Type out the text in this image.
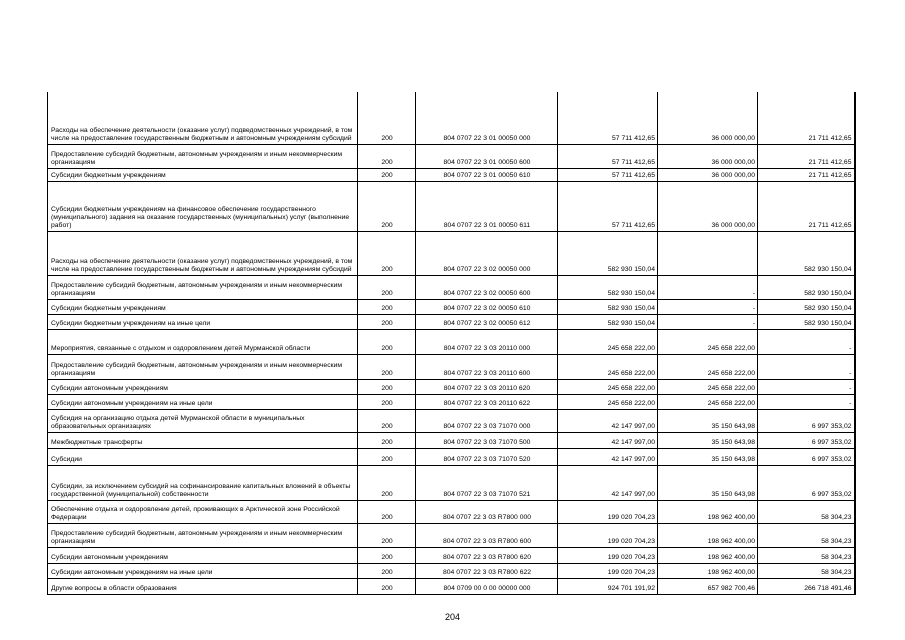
Расходы на обеспечение деятельности (оказание услуг) подведомственных учреждений, в том числе на предоставление государственным бюджетным и автономным учреждениям субсидий	200	804 0707 22 3 01 00050 000	57 711 412,65	36 000 000,00	21 711 412,65
Предоставление субсидий бюджетным, автономным учреждениям и иным некоммерческим организациям	200	804 0707 22 3 01 00050 600	57 711 412,65	36 000 000,00	21 711 412,65
Субсидии бюджетным учреждениям	200	804 0707 22 3 01 00050 610	57 711 412,65	36 000 000,00	21 711 412,65
Субсидии бюджетным учреждениям на финансовое обеспечение государственного (муниципального) задания на оказание государственных (муниципальных) услуг (выполнение работ)	200	804 0707 22 3 01 00050 611	57 711 412,65	36 000 000,00	21 711 412,65
Расходы на обеспечение деятельности (оказание услуг) подведомственных учреждений, в том числе на предоставление государственным бюджетным и автономным учреждениям субсидий	200	804 0707 22 3 02 00050 000	582 930 150,04		582 930 150,04
Предоставление субсидий бюджетным, автономным учреждениям и иным некоммерческим организациям	200	804 0707 22 3 02 00050 600	582 930 150,04	-	582 930 150,04
Субсидии бюджетным учреждениям	200	804 0707 22 3 02 00050 610	582 930 150,04	-	582 930 150,04
Субсидии бюджетным учреждениям на иные цели	200	804 0707 22 3 02 00050 612	582 930 150,04	-	582 930 150,04
Мероприятия, связанные с отдыхом и оздоровлением детей Мурманской области	200	804 0707 22 3 03 20110 000	245 658 222,00	245 658 222,00	-
Предоставление субсидий бюджетным, автономным учреждениям и иным некоммерческим организациям	200	804 0707 22 3 03 20110 600	245 658 222,00	245 658 222,00	-
Субсидии автономным учреждениям	200	804 0707 22 3 03 20110 620	245 658 222,00	245 658 222,00	-
Субсидии автономным учреждениям на иные цели	200	804 0707 22 3 03 20110 622	245 658 222,00	245 658 222,00	-
Субсидия на организацию отдыха детей Мурманской области в муниципальных образовательных организациях	200	804 0707 22 3 03 71070 000	42 147 997,00	35 150 643,98	6 997 353,02
Межбюджетные трансферты	200	804 0707 22 3 03 71070 500	42 147 997,00	35 150 643,98	6 997 353,02
Субсидии	200	804 0707 22 3 03 71070 520	42 147 997,00	35 150 643,98	6 997 353,02
Субсидии, за исключением субсидий на софинансирование капитальных вложений в объекты государственной (муниципальной) собственности	200	804 0707 22 3 03 71070 521	42 147 997,00	35 150 643,98	6 997 353,02
Обеспечение отдыха и оздоровление детей, проживающих в Арктической зоне Российской Федерации	200	804 0707 22 3 03 R7800 000	199 020 704,23	198 962 400,00	58 304,23
Предоставление субсидий бюджетным, автономным учреждениям и иным некоммерческим организациям	200	804 0707 22 3 03 R7800 600	199 020 704,23	198 962 400,00	58 304,23
Субсидии автономным учреждениям	200	804 0707 22 3 03 R7800 620	199 020 704,23	198 962 400,00	58 304,23
Субсидии автономным учреждениям на иные цели	200	804 0707 22 3 03 R7800 622	199 020 704,23	198 962 400,00	58 304,23
Другие вопросы в области образования	200	804 0709 00 0 00 00000 000	924 701 191,92	657 982 700,46	266 718 491,46
204
